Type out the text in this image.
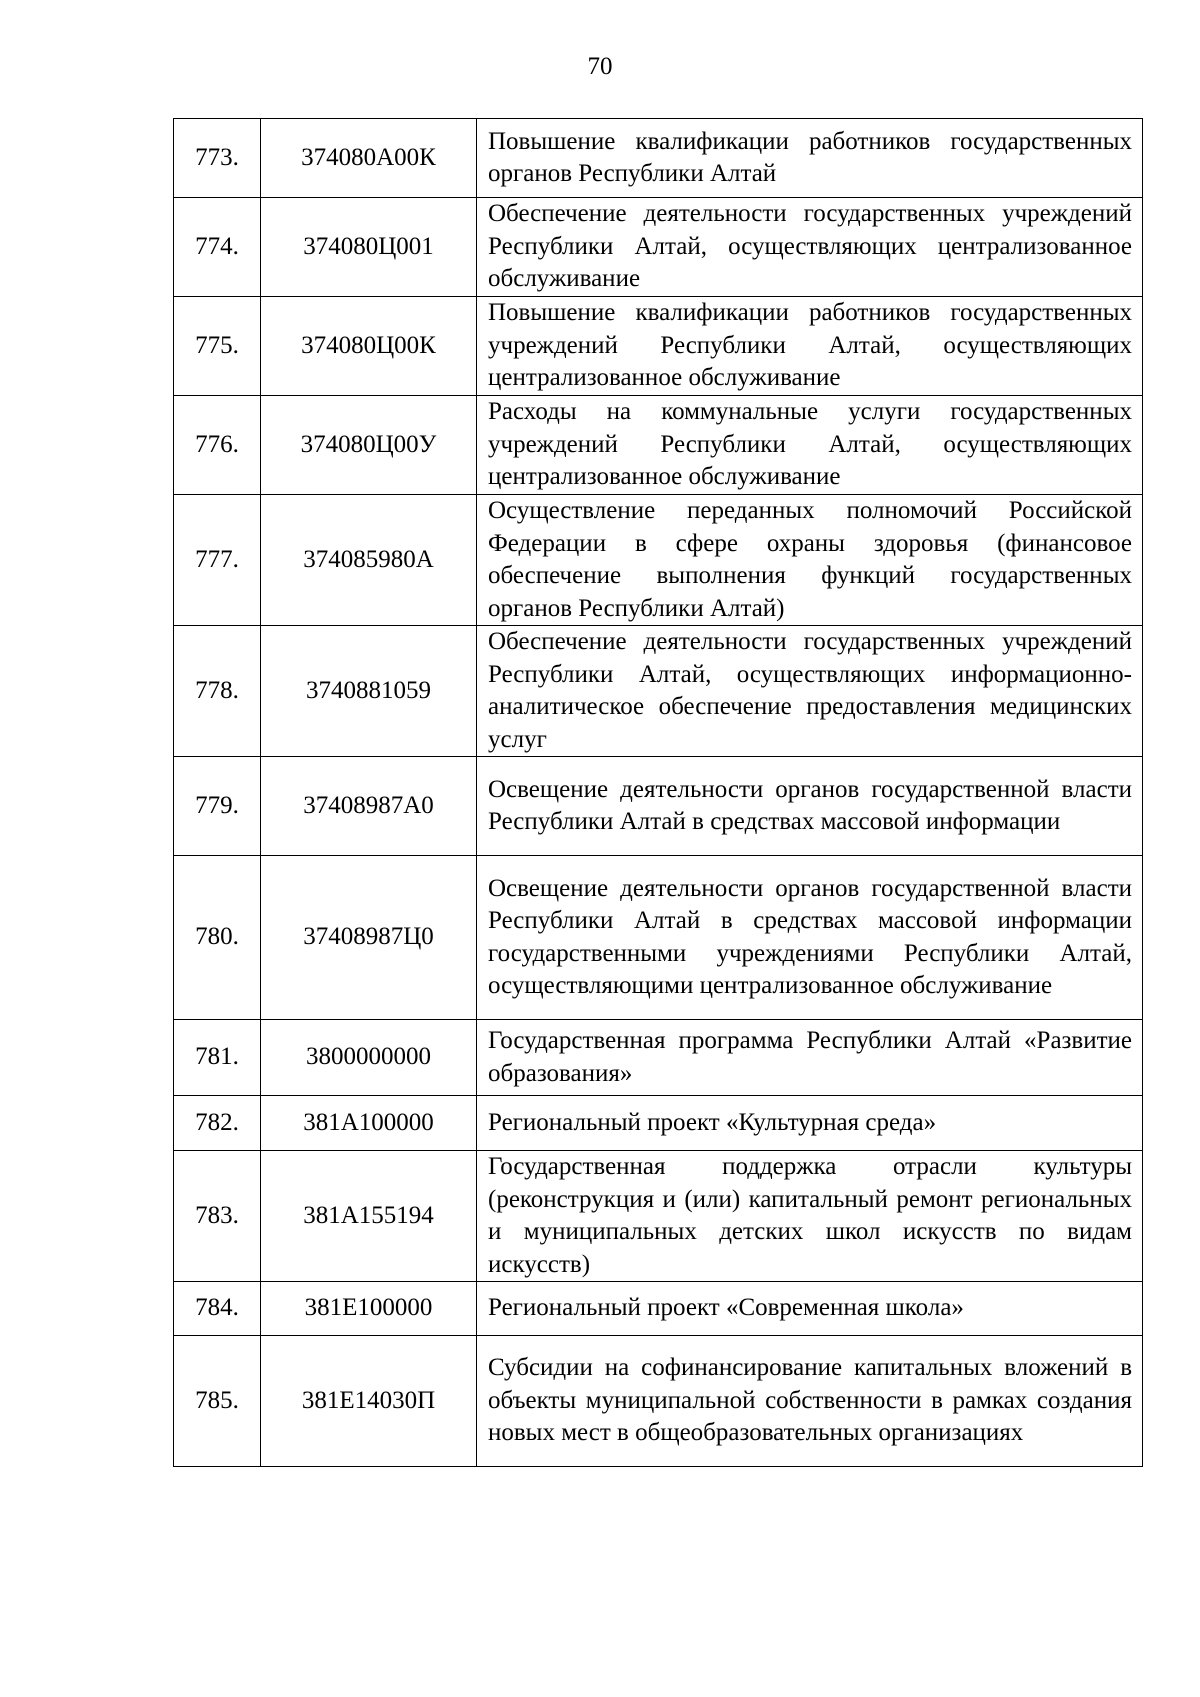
70
773.	374080А00К	Повышение квалификации работников государственных органов Республики Алтай
774.	374080Ц001	Обеспечение деятельности государственных учреждений Республики Алтай, осуществляющих централизованное обслуживание
775.	374080Ц00К	Повышение квалификации работников государственных учреждений Республики Алтай, осуществляющих централизованное обслуживание
776.	374080Ц00У	Расходы на коммунальные услуги государственных учреждений Республики Алтай, осуществляющих централизованное обслуживание
777.	374085980А	Осуществление переданных полномочий Российской Федерации в сфере охраны здоровья (финансовое обеспечение выполнения функций государственных органов Республики Алтай)
778.	3740881059	Обеспечение деятельности государственных учреждений Республики Алтай, осуществляющих информационно-аналитическое обеспечение предоставления медицинских услуг
779.	37408987А0	Освещение деятельности органов государственной власти Республики Алтай в средствах массовой информации
780.	37408987Ц0	Освещение деятельности органов государственной власти Республики Алтай в средствах массовой информации государственными учреждениями Республики Алтай, осуществляющими централизованное обслуживание
781.	3800000000	Государственная программа Республики Алтай «Развитие образования»
782.	381А100000	Региональный проект «Культурная среда»
783.	381А155194	Государственная поддержка отрасли культуры (реконструкция и (или) капитальный ремонт региональных и муниципальных детских школ искусств по видам искусств)
784.	381Е100000	Региональный проект «Современная школа»
785.	381Е14030П	Субсидии на софинансирование капитальных вложений в объекты муниципальной собственности в рамках создания новых мест в общеобразовательных организациях
